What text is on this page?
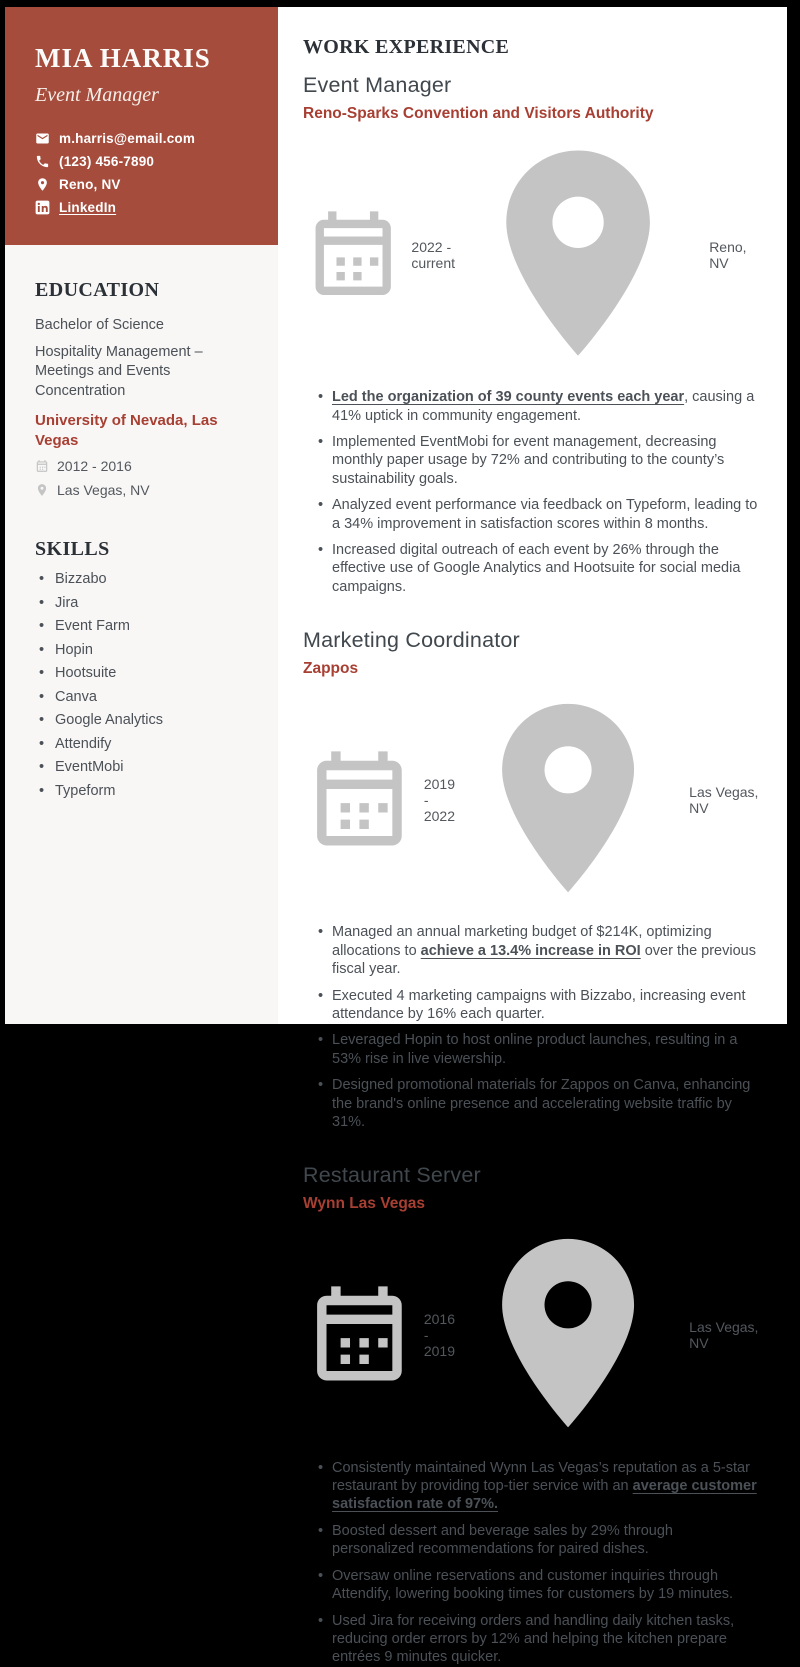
MIA HARRIS
Event Manager
m.harris@email.com
(123) 456-7890
Reno, NV
LinkedIn
EDUCATION
Bachelor of Science
Hospitality Management – Meetings and Events Concentration
University of Nevada, Las Vegas
2012 - 2016
Las Vegas, NV
SKILLS
• Bizzabo
• Jira
• Event Farm
• Hopin
• Hootsuite
• Canva
• Google Analytics
• Attendify
• EventMobi
• Typeform
WORK EXPERIENCE
Event Manager
Reno-Sparks Convention and Visitors Authority
2022 - current
Reno, NV
• Led the organization of 39 county events each year, causing a 41% uptick in community engagement.
• Implemented EventMobi for event management, decreasing monthly paper usage by 72% and contributing to the county’s sustainability goals.
• Analyzed event performance via feedback on Typeform, leading to a 34% improvement in satisfaction scores within 8 months.
• Increased digital outreach of each event by 26% through the effective use of Google Analytics and Hootsuite for social media campaigns.
Marketing Coordinator
Zappos
2019 - 2022
Las Vegas, NV
• Managed an annual marketing budget of $214K, optimizing allocations to achieve a 13.4% increase in ROI over the previous fiscal year.
• Executed 4 marketing campaigns with Bizzabo, increasing event attendance by 16% each quarter.
• Leveraged Hopin to host online product launches, resulting in a 53% rise in live viewership.
• Designed promotional materials for Zappos on Canva, enhancing the brand's online presence and accelerating website traffic by 31%.
Restaurant Server
Wynn Las Vegas
2016 - 2019
Las Vegas, NV
• Consistently maintained Wynn Las Vegas’s reputation as a 5-star restaurant by providing top-tier service with an average customer satisfaction rate of 97%.
• Boosted dessert and beverage sales by 29% through personalized recommendations for paired dishes.
• Oversaw online reservations and customer inquiries through Attendify, lowering booking times for customers by 19 minutes.
• Used Jira for receiving orders and handling daily kitchen tasks, reducing order errors by 12% and helping the kitchen prepare entrées 9 minutes quicker.
